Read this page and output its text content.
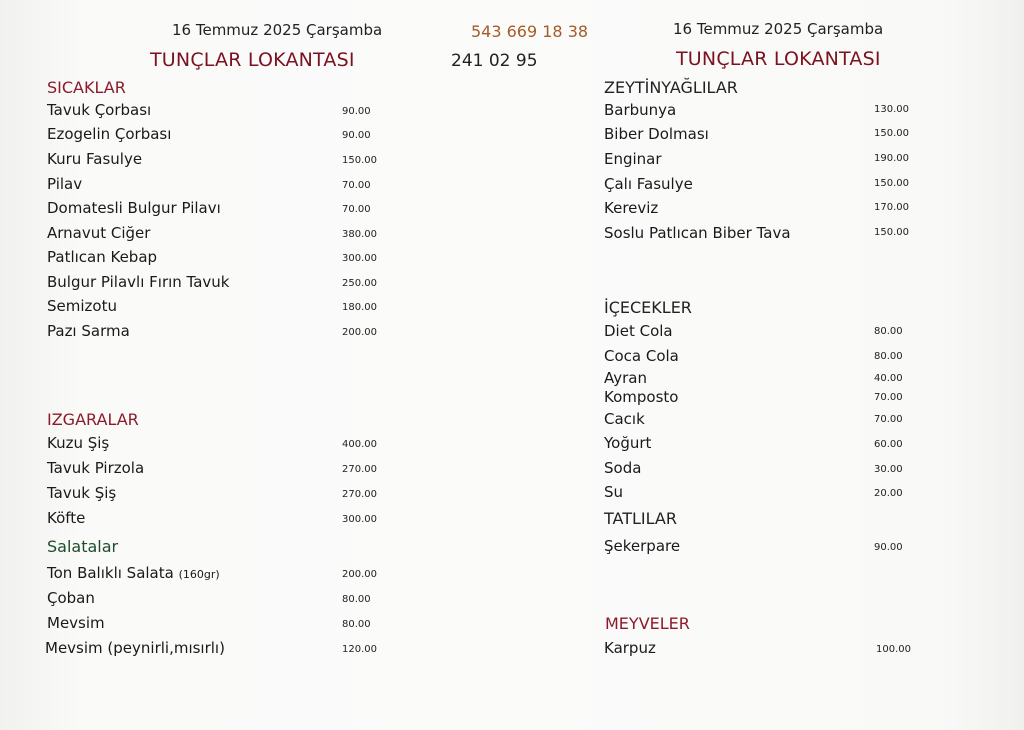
16 Temmuz 2025 Çarşamba	543 669 18 38	16 Temmuz 2025 Çarşamba
TUNÇLAR LOKANTASI	241 02 95	TUNÇLAR LOKANTASI
SICAKLAR
Tavuk Çorbası	90.00
Ezogelin Çorbası	90.00
Kuru Fasulye	150.00
Pilav	70.00
Domatesli Bulgur Pilavı	70.00
Arnavut Ciğer	380.00
Patlıcan Kebap	300.00
Bulgur Pilavlı Fırın Tavuk	250.00
Semizotu	180.00
Pazı Sarma	200.00
IZGARALAR
Kuzu Şiş	400.00
Tavuk Pirzola	270.00
Tavuk Şiş	270.00
Köfte	300.00
Salatalar
Ton Balıklı Salata (160gr)	200.00
Çoban	80.00
Mevsim	80.00
Mevsim (peynirli,mısırlı)	120.00
ZEYTİNYAĞLILAR
Barbunya	130.00
Biber Dolması	150.00
Enginar	190.00
Çalı Fasulye	150.00
Kereviz	170.00
Soslu Patlıcan Biber Tava	150.00
İÇECEKLER
Diet Cola	80.00
Coca Cola	80.00
Ayran	40.00
Komposto	70.00
Cacık	70.00
Yoğurt	60.00
Soda	30.00
Su	20.00
TATLILAR
Şekerpare	90.00
MEYVELER
Karpuz	100.00
